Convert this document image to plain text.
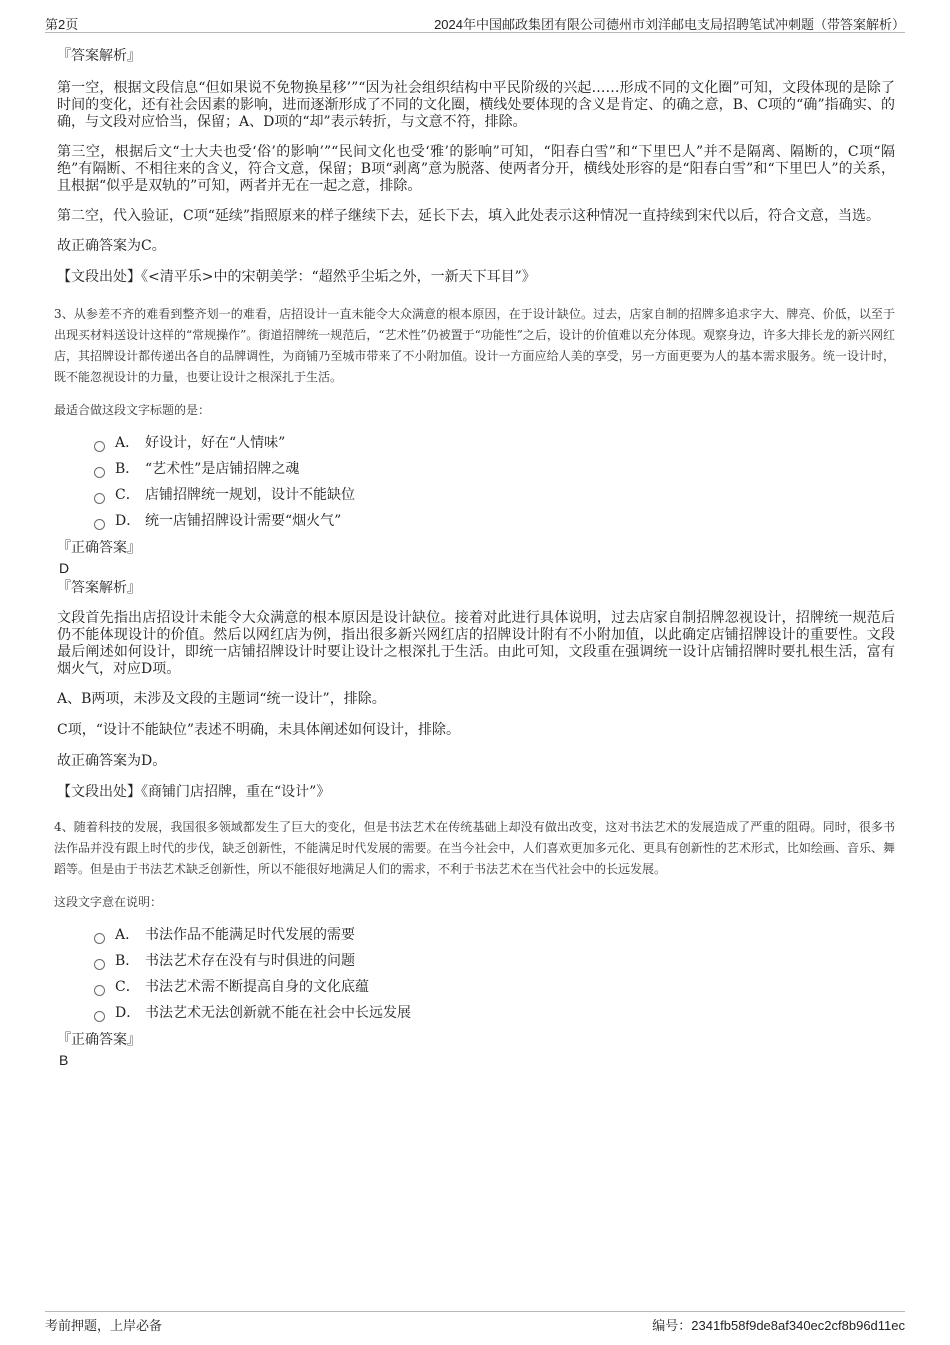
第2页	2024年中国邮政集团有限公司德州市刘洋邮电支局招聘笔试冲刺题（带答案解析）

『答案解析』

第一空，根据文段信息“但如果说不免物换星移’”“因为社会组织结构中平民阶级的兴起……形成不同的文化圈”可知，文段体现的是除了时间的变化，还有社会因素的影响，进而逐渐形成了不同的文化圈，横线处要体现的含义是肯定、的确之意，B、C项的“确”指确实、的确，与文段对应恰当，保留；A、D项的“却”表示转折，与文意不符，排除。

第三空，根据后文“士大夫也受‘俗’的影响’”“民间文化也受‘雅’的影响”可知，“阳春白雪”和“下里巴人”并不是隔离、隔断的，C项“隔绝”有隔断、不相往来的含义，符合文意，保留；B项“剥离”意为脱落、使两者分开，横线处形容的是“阳春白雪”和“下里巴人”的关系，且根据“似乎是双轨的”可知，两者并无在一起之意，排除。

第二空，代入验证，C项“延续”指照原来的样子继续下去，延长下去，填入此处表示这种情况一直持续到宋代以后，符合文意，当选。

故正确答案为C。

【文段出处】《<清平乐>中的宋朝美学：“超然乎尘垢之外，一新天下耳目”》

3、从参差不齐的难看到整齐划一的难看，店招设计一直未能令大众满意的根本原因，在于设计缺位。过去，店家自制的招牌多追求字大、牌亮、价低，以至于出现买材料送设计这样的“常规操作”。街道招牌统一规范后，“艺术性”仍被置于“功能性”之后，设计的价值难以充分体现。观察身边，许多大排长龙的新兴网红店，其招牌设计都传递出各自的品牌调性，为商铺乃至城市带来了不小附加值。设计一方面应给人美的享受，另一方面更要为人的基本需求服务。统一设计时，既不能忽视设计的力量，也要让设计之根深扎于生活。

最适合做这段文字标题的是：

A． 好设计，好在“人情味”
B． “艺术性”是店铺招牌之魂
C． 店铺招牌统一规划，设计不能缺位
D． 统一店铺招牌设计需要“烟火气”

『正确答案』

D

『答案解析』

文段首先指出店招设计未能令大众满意的根本原因是设计缺位。接着对此进行具体说明，过去店家自制招牌忽视设计，招牌统一规范后仍不能体现设计的价值。然后以网红店为例，指出很多新兴网红店的招牌设计附有不小附加值，以此确定店铺招牌设计的重要性。文段最后阐述如何设计，即统一店铺招牌设计时要让设计之根深扎于生活。由此可知，文段重在强调统一设计店铺招牌时要扎根生活，富有烟火气，对应D项。

A、B两项，未涉及文段的主题词“统一设计”，排除。

C项，“设计不能缺位”表述不明确，未具体阐述如何设计，排除。

故正确答案为D。

【文段出处】《商铺门店招牌，重在“设计”》

4、随着科技的发展，我国很多领域都发生了巨大的变化，但是书法艺术在传统基础上却没有做出改变，这对书法艺术的发展造成了严重的阻碍。同时，很多书法作品并没有跟上时代的步伐，缺乏创新性，不能满足时代发展的需要。在当今社会中，人们喜欢更加多元化、更具有创新性的艺术形式，比如绘画、音乐、舞蹈等。但是由于书法艺术缺乏创新性，所以不能很好地满足人们的需求，不利于书法艺术在当代社会中的长远发展。

这段文字意在说明：

A． 书法作品不能满足时代发展的需要
B． 书法艺术存在没有与时俱进的问题
C． 书法艺术需不断提高自身的文化底蕴
D． 书法艺术无法创新就不能在社会中长远发展

『正确答案』

B

考前押题，上岸必备	编号：2341fb58f9de8af340ec2cf8b96d11ec
